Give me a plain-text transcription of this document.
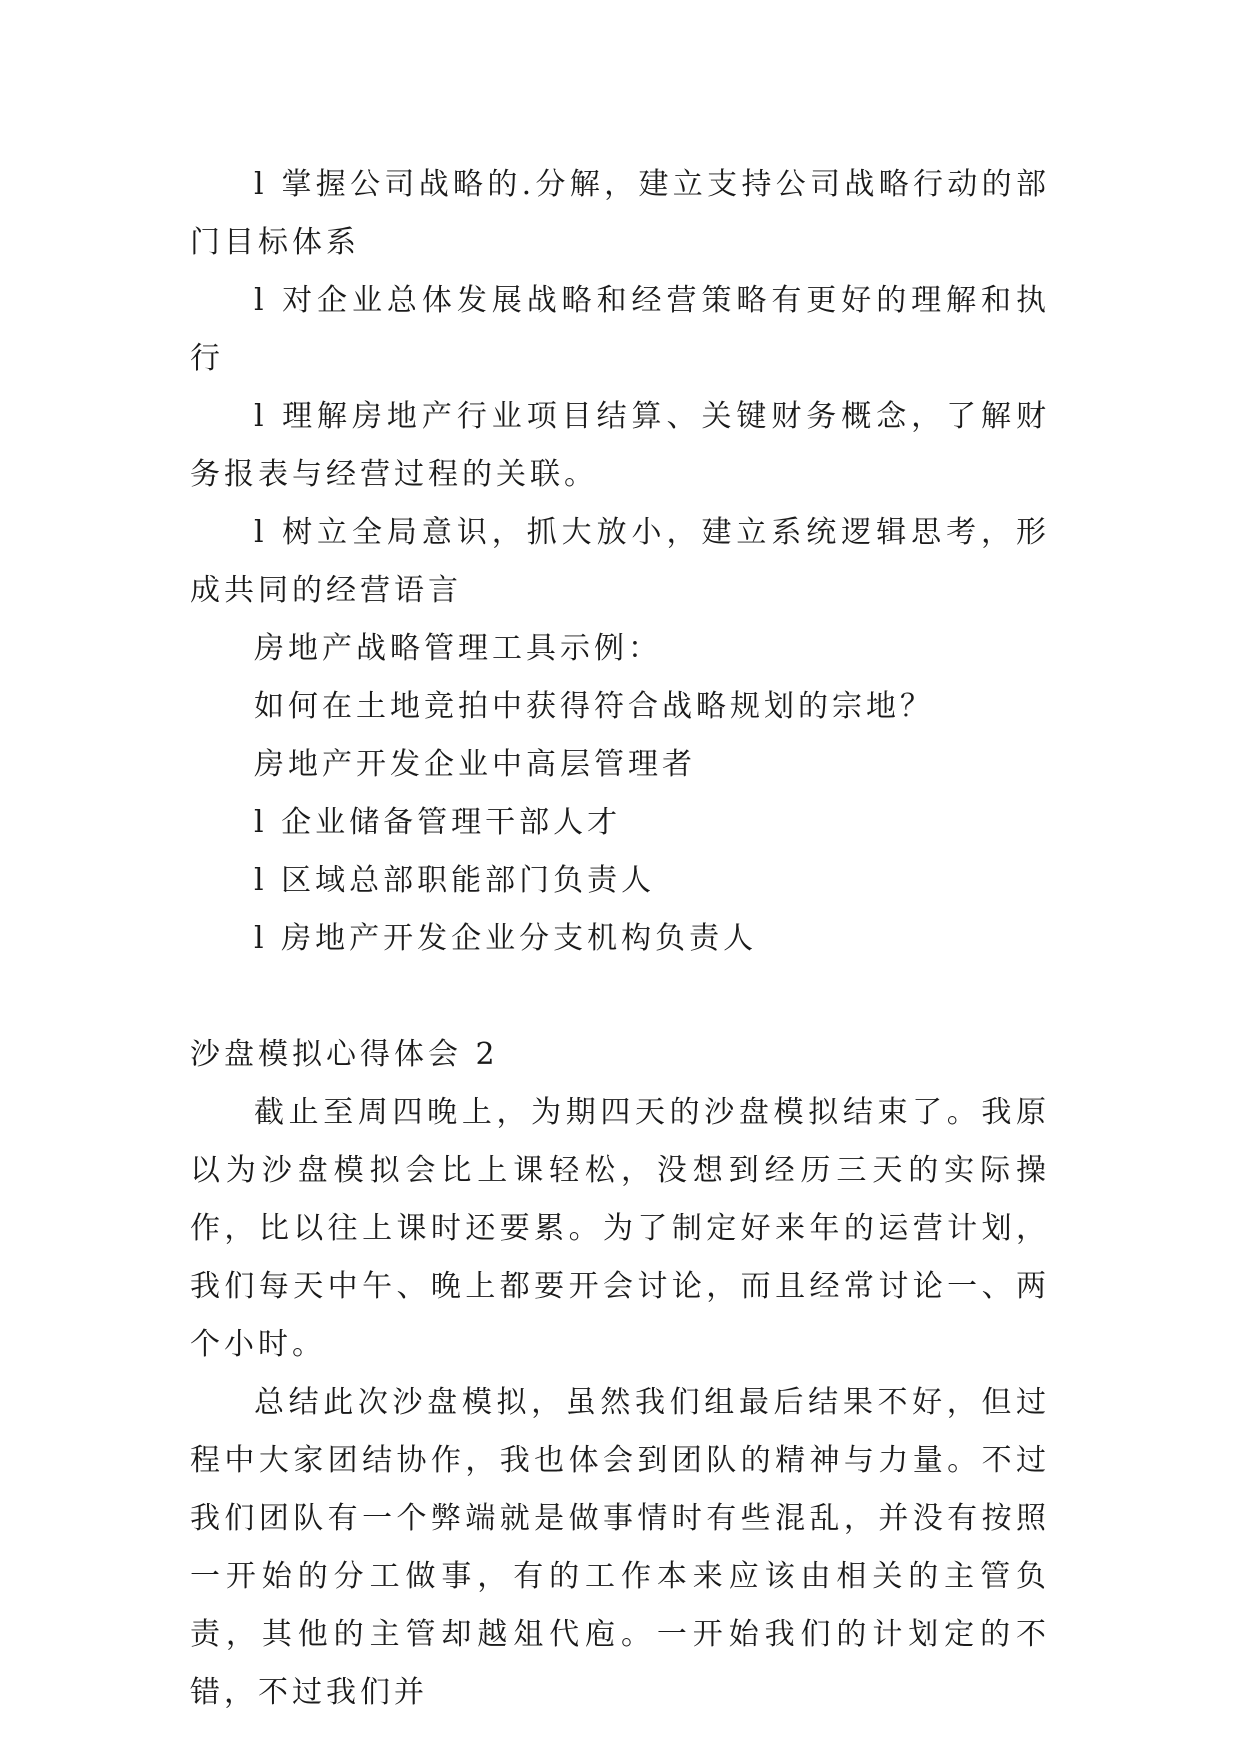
l 掌握公司战略的.分解，建立支持公司战略行动的部门目标体系

l 对企业总体发展战略和经营策略有更好的理解和执行

l 理解房地产行业项目结算、关键财务概念，了解财务报表与经营过程的关联。

l 树立全局意识，抓大放小，建立系统逻辑思考，形成共同的经营语言

房地产战略管理工具示例：

如何在土地竞拍中获得符合战略规划的宗地？

房地产开发企业中高层管理者

l 企业储备管理干部人才

l 区域总部职能部门负责人

l 房地产开发企业分支机构负责人

沙盘模拟心得体会 2

截止至周四晚上，为期四天的沙盘模拟结束了。我原以为沙盘模拟会比上课轻松，没想到经历三天的实际操作，比以往上课时还要累。为了制定好来年的运营计划，我们每天中午、晚上都要开会讨论，而且经常讨论一、两个小时。

总结此次沙盘模拟，虽然我们组最后结果不好，但过程中大家团结协作，我也体会到团队的精神与力量。不过我们团队有一个弊端就是做事情时有些混乱，并没有按照一开始的分工做事，有的工作本来应该由相关的主管负责，其他的主管却越俎代庖。一开始我们的计划定的不错，不过我们并
